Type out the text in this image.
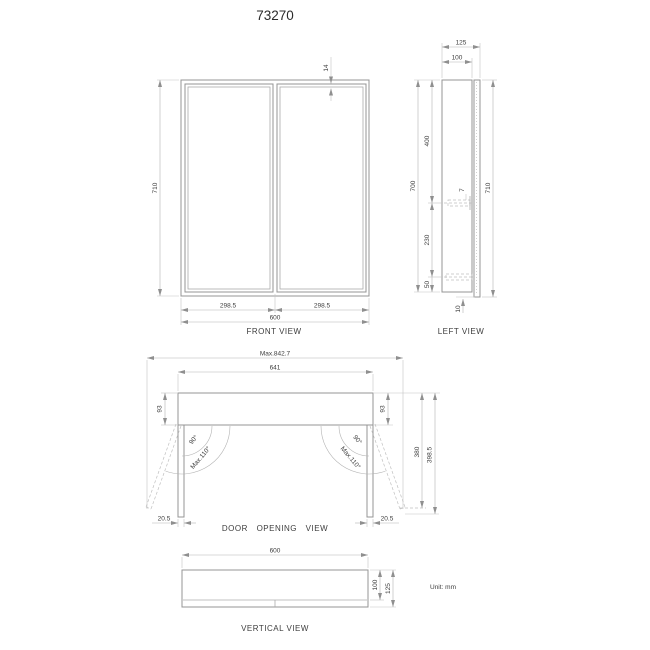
73270
14
710
298.5	298.5
600
FRONT VIEW
7
125
100
400
230
50
700	710
10
LEFT VIEW
Max.842.7
641
93	93
90°
Max.110°
90°
Max.110°	380 398.5
20.5	20.5
DOOR OPENING VIEW
600
100 125
VERTICAL VIEW
Unit: mm
